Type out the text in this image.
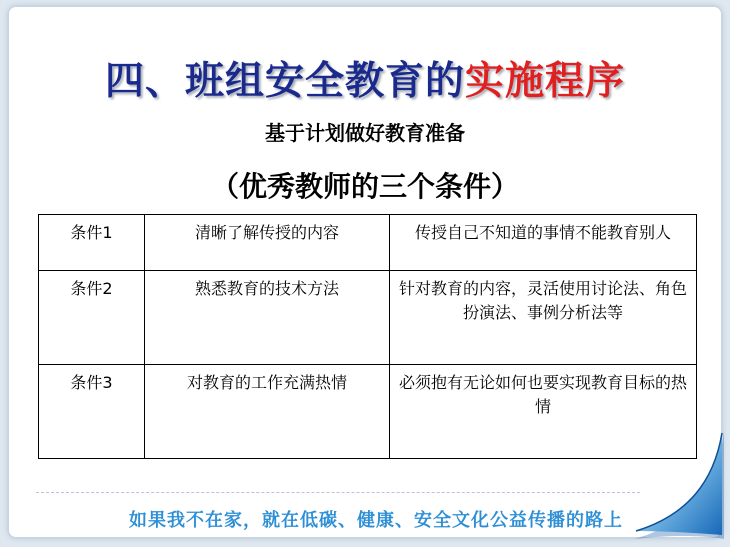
四、班组安全教育的实施程序
基于计划做好教育准备
（优秀教师的三个条件）
条件1	清晰了解传授的内容	传授自己不知道的事情不能教育别人
条件2	熟悉教育的技术方法	针对教育的内容，灵活使用讨论法、角色扮演法、事例分析法等
条件3	对教育的工作充满热情	必须抱有无论如何也要实现教育目标的热情
如果我不在家，就在低碳、健康、安全文化公益传播的路上
